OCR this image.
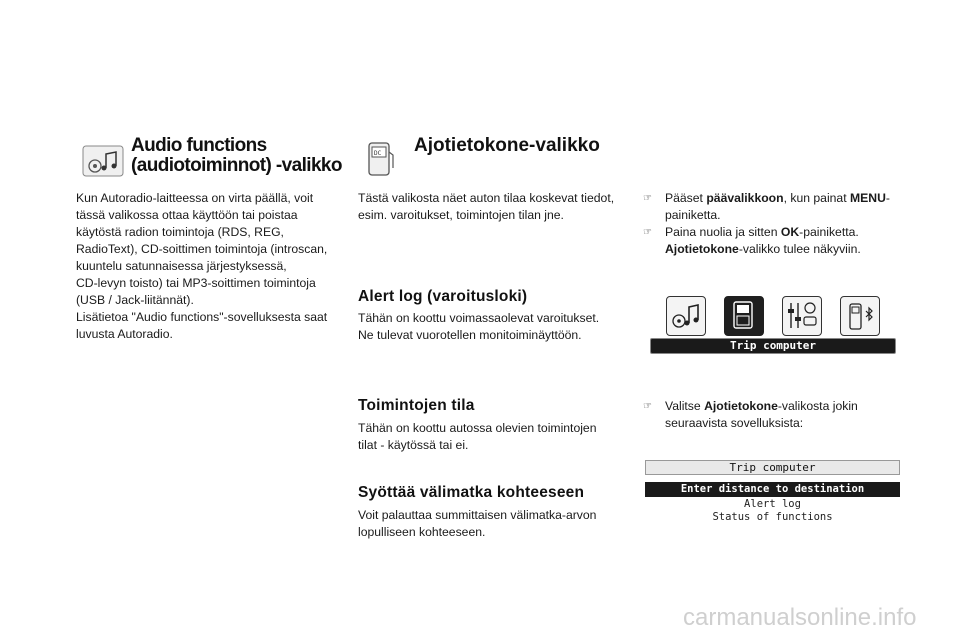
Audio functions
(audiotoiminnot) -valikko
Kun Autoradio-laitteessa on virta päällä, voit
tässä valikossa ottaa käyttöön tai poistaa
käytöstä radion toimintoja (RDS, REG,
RadioText), CD-soittimen toimintoja (introscan,
kuuntelu satunnaisessa järjestyksessä,
CD-levyn toisto) tai MP3-soittimen toimintoja
(USB / Jack-liitännät).
Lisätietoa "Audio functions"-sovelluksesta saat
luvusta Autoradio.
DC Ajotietokone-valikko
Tästä valikosta näet auton tilaa koskevat tiedot,
esim. varoitukset, toimintojen tilan jne.
Alert log (varoitusloki)
Tähän on koottu voimassaolevat varoitukset.
Ne tulevat vuorotellen monitoiminäyttöön.
Toimintojen tila
Tähän on koottu autossa olevien toimintojen
tilat - käytössä tai ei.
Syöttää välimatka kohteeseen
Voit palauttaa summittaisen välimatka-arvon
lopulliseen kohteeseen.
☞	Pääset päävalikkoon, kun painat MENU-
painiketta.
☞	Paina nuolia ja sitten OK-painiketta.
Ajotietokone-valikko tulee näkyviin.
Trip computer
☞	Valitse Ajotietokone-valikosta jokin
seuraavista sovelluksista:
Trip computer
Enter distance to destination
Alert log
Status of functions
carmanualsonline.info
